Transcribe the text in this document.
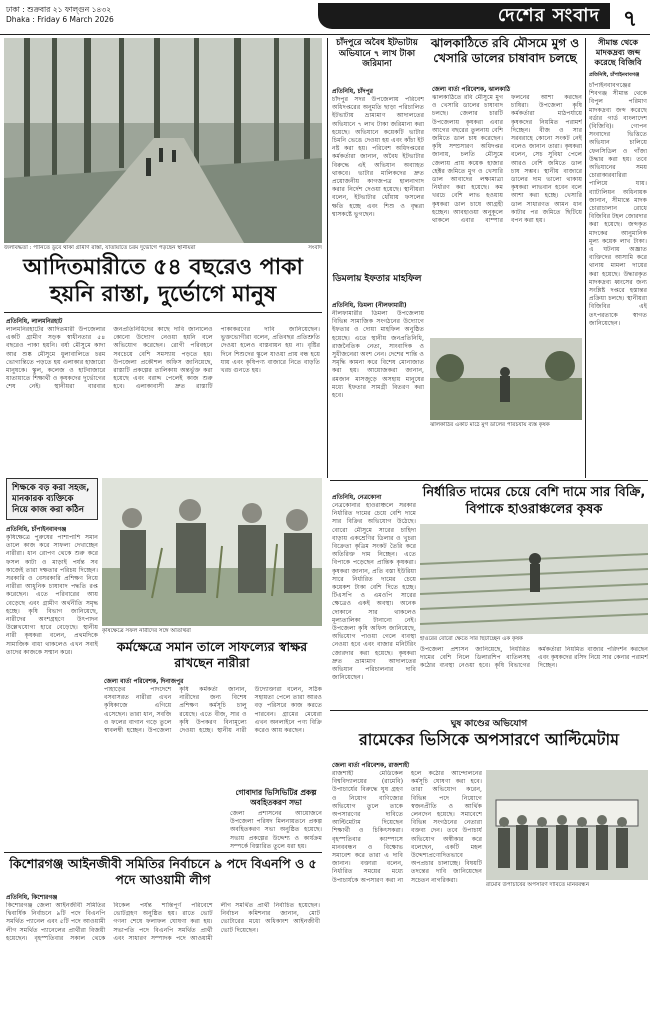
ঢাকা : শুক্রবার ২১ ফাল্গুন ১৪৩২
Dhaka : Friday 6 March 2026	দেশের সংবাদ	৭
জলাবদ্ধতা : পানিতে ডুবে থাকা গ্রামীণ রাস্তা, যাতায়াতে চরম দুর্ভোগে পড়ছেন স্থানীয়রা	সংবাদ
আদিতমারীতে ৫৪ বছরেও পাকা হয়নি রাস্তা, দুর্ভোগে মানুষ
প্রতিনিধি, লালমনিরহাট
লালমনিরহাটের আদিতমারী উপজেলার একটি গ্রামীণ সড়ক স্বাধীনতার ৫৪ বছরেও পাকা হয়নি। বর্ষা মৌসুমে কাদা আর শুষ্ক মৌসুমে ধুলাবালিতে চরম ভোগান্তিতে পড়তে হয় এলাকার হাজারো মানুষকে। স্কুল, কলেজ ও হাটবাজারে যাতায়াতে শিক্ষার্থী ও কৃষকদের দুর্ভোগের শেষ নেই। স্থানীয়রা বারবার জনপ্রতিনিধিদের কাছে দাবি জানালেও কোনো উদ্যোগ নেওয়া হয়নি বলে অভিযোগ করেছেন। রোগী পরিবহনে সবচেয়ে বেশি সমস্যায় পড়তে হয়। উপজেলা প্রকৌশল অফিস জানিয়েছে, রাস্তাটি প্রকল্পের তালিকায় অন্তর্ভুক্ত করা হয়েছে এবং বরাদ্দ পেলেই কাজ শুরু হবে। এলাকাবাসী দ্রুত রাস্তাটি পাকাকরণের দাবি জানিয়েছেন। ভুক্তভোগীরা বলেন, প্রতিবছর প্রতিশ্রুতি দেওয়া হলেও বাস্তবায়ন হয় না। বৃষ্টির দিনে শিশুদের স্কুলে যাওয়া প্রায় বন্ধ হয়ে যায় এবং কৃষিপণ্য বাজারে নিতে বাড়তি খরচ গুনতে হয়।
শিক্ষকে বড় করা সহজ, মানকারক ব্যক্তিকে নিয়ে কাজ করা কঠিন
প্রতিনিধি, চাঁপাইনবাবগঞ্জ
কৃষিক্ষেত্রে পুরুষের পাশাপাশি সমান তালে কাজ করে সাফল্য দেখাচ্ছেন নারীরা। ধান রোপণ থেকে শুরু করে ফসল কাটা ও মাড়াই পর্যন্ত সব কাজেই তারা দক্ষতার পরিচয় দিচ্ছেন। সরকারি ও বেসরকারি প্রশিক্ষণ নিয়ে নারীরা আধুনিক চাষাবাদ পদ্ধতি রপ্ত করেছেন। এতে পরিবারের আয় বেড়েছে এবং গ্রামীণ অর্থনীতি সমৃদ্ধ হচ্ছে। কৃষি বিভাগ জানিয়েছে, নারীদের অংশগ্রহণে উৎপাদন উল্লেখযোগ্য হারে বেড়েছে। স্থানীয় নারী কৃষকরা বলেন, প্রথমদিকে সামাজিক বাধা থাকলেও এখন সবাই তাদের কাজকে সম্মান করে।
কৃষিক্ষেত্রে সফল নারীদের সঙ্গে অতিথিরা
কর্মক্ষেত্রে সমান তালে সাফল্যের স্বাক্ষর রাখছেন নারীরা
জেলা বার্তা পরিবেশক, দিনাজপুর
পাহাড়ের পাদদেশে বসবাসরত নারীরা এখন কৃষিকাজে এগিয়ে এসেছেন। তারা ধান, সবজি ও ফলের বাগান গড়ে তুলে স্বাবলম্বী হচ্ছেন। উপজেলা কৃষি কর্মকর্তা জানান, নারীদের জন্য বিশেষ প্রশিক্ষণ কর্মসূচি চালু রয়েছে। এতে বীজ, সার ও কৃষি উপকরণ বিনামূল্যে দেওয়া হচ্ছে। স্থানীয় নারী উদ্যোক্তারা বলেন, সঠিক সহায়তা পেলে তারা আরও বড় পরিসরে কাজ করতে পারবেন। গ্রামের মেয়েরা এখন অনলাইনে পণ্য বিক্রি করেও আয় করছেন।
গোবাদার ভিসিভিটির প্রকল্প অবহিতকরণ সভা
জেলা প্রশাসনের আয়োজনে উপজেলা পরিষদ মিলনায়তনে প্রকল্প অবহিতকরণ সভা অনুষ্ঠিত হয়েছে। সভায় প্রকল্পের উদ্দেশ্য ও কার্যক্রম সম্পর্কে বিস্তারিত তুলে ধরা হয়।
কিশোরগঞ্জ আইনজীবী সমিতির নির্বাচনে ৯ পদে বিএনপি ও ৫ পদে আওয়ামী লীগ
প্রতিনিধি, কিশোরগঞ্জ
কিশোরগঞ্জ জেলা আইনজীবী সমিতির দ্বিবার্ষিক নির্বাচনে ৯টি পদে বিএনপি সমর্থিত প্যানেল এবং ৫টি পদে আওয়ামী লীগ সমর্থিত প্যানেলের প্রার্থীরা বিজয়ী হয়েছেন। বৃহস্পতিবার সকাল থেকে বিকেল পর্যন্ত শান্তিপূর্ণ পরিবেশে ভোটগ্রহণ অনুষ্ঠিত হয়। রাতে ভোট গণনা শেষে ফলাফল ঘোষণা করা হয়। সভাপতি পদে বিএনপি সমর্থিত প্রার্থী এবং সাধারণ সম্পাদক পদে আওয়ামী লীগ সমর্থিত প্রার্থী নির্বাচিত হয়েছেন। নির্বাচন কমিশনার জানান, মোট ভোটারের মধ্যে অধিকাংশ আইনজীবী ভোট দিয়েছেন।
চাঁদপুরে অবৈধ ইটভাটায় অভিযানে ৭ লাখ টাকা জরিমানা
প্রতিনিধি, চাঁদপুর
চাঁদপুর সদর উপজেলায় পরিবেশ অধিদপ্তরের অনুমতি ছাড়া পরিচালিত ইটভাটায় ভ্রাম্যমাণ আদালতের অভিযানে ৭ লাখ টাকা জরিমানা করা হয়েছে। অভিযানে কয়েকটি ভাটার চিমনি ভেঙে দেওয়া হয় এবং কাঁচা ইট নষ্ট করা হয়। পরিবেশ অধিদপ্তরের কর্মকর্তারা জানান, অবৈধ ইটভাটার বিরুদ্ধে এই অভিযান অব্যাহত থাকবে। ভাটার মালিকদের দ্রুত প্রয়োজনীয় কাগজপত্র হালনাগাদ করার নির্দেশ দেওয়া হয়েছে। স্থানীয়রা বলেন, ইটভাটার ধোঁয়ায় ফসলের ক্ষতি হচ্ছে এবং শিশু ও বৃদ্ধরা শ্বাসকষ্টে ভুগছেন।
ডিমলায় ইফতার মাহফিল
প্রতিনিধি, ডিমলা (নীলফামারী)
নীলফামারীর ডিমলা উপজেলায় বিভিন্ন সামাজিক সংগঠনের উদ্যোগে ইফতার ও দোয়া মাহফিল অনুষ্ঠিত হয়েছে। এতে স্থানীয় জনপ্রতিনিধি, রাজনৈতিক নেতা, সাংবাদিক ও সুধীজনেরা অংশ নেন। দেশের শান্তি ও সমৃদ্ধি কামনা করে বিশেষ মোনাজাত করা হয়। আয়োজকরা জানান, রমজান মাসজুড়ে অসহায় মানুষের মধ্যে ইফতার সামগ্রী বিতরণ করা হবে।
ঝালকাঠিতে রবি মৌসমে মুগ ও খেসারি ডালের চাষাবাদ চলছে
জেলা বার্তা পরিবেশক, ঝালকাঠি
ঝালকাঠিতে রবি মৌসুমে মুগ ও খেসারি ডালের চাষাবাদ চলছে। জেলার চারটি উপজেলায় কৃষকরা এবার আগের বছরের তুলনায় বেশি জমিতে ডাল চাষ করেছেন। কৃষি সম্প্রসারণ অধিদপ্তর জানায়, চলতি মৌসুমে জেলায় প্রায় কয়েক হাজার হেক্টর জমিতে মুগ ও খেসারি ডাল আবাদের লক্ষ্যমাত্রা নির্ধারণ করা হয়েছে। কম খরচে বেশি লাভ হওয়ায় কৃষকরা ডাল চাষে আগ্রহী হচ্ছেন। আবহাওয়া অনুকূলে থাকলে এবার বাম্পার ফলনের আশা করছেন চাষিরা। উপজেলা কৃষি কর্মকর্তারা মাঠপর্যায়ে কৃষকদের নিয়মিত পরামর্শ দিচ্ছেন। বীজ ও সার সরবরাহে কোনো সংকট নেই বলেও জানান তারা। কৃষকরা বলেন, সেচ সুবিধা পেলে আরও বেশি জমিতে ডাল চাষ সম্ভব। স্থানীয় বাজারে ডালের দাম ভালো থাকায় কৃষকরা লাভবান হবেন বলে আশা করা হচ্ছে। খেসারি ডাল সাধারণত আমন ধান কাটার পর জমিতে ছিটিয়ে বপন করা হয়।
ঝালকাঠির একটি মাঠে মুগ ডালের পরিচর্যায় ব্যস্ত কৃষক
সীমান্ত থেকে মাদকদ্রব্য জব্দ করেছে বিজিবি
প্রতিনিধি, চাঁপাইনবাবগঞ্জ
চাঁপাইনবাবগঞ্জের শিবগঞ্জ সীমান্ত থেকে বিপুল পরিমাণ মাদকদ্রব্য জব্দ করেছে বর্ডার গার্ড বাংলাদেশ (বিজিবি)। গোপন সংবাদের ভিত্তিতে অভিযান চালিয়ে ফেনসিডিল ও গাঁজা উদ্ধার করা হয়। তবে অভিযানের সময় চোরাকারবারিরা পালিয়ে যায়। ব্যাটালিয়ন অধিনায়ক জানান, সীমান্তে মাদক চোরাচালান রোধে বিজিবির টহল জোরদার করা হয়েছে। জব্দকৃত মাদকের আনুমানিক মূল্য কয়েক লাখ টাকা। এ ঘটনায় অজ্ঞাত ব্যক্তিদের আসামি করে থানায় মামলা দায়ের করা হয়েছে। উদ্ধারকৃত মাদকদ্রব্য ধ্বংসের জন্য সংশ্লিষ্ট দপ্তরে হস্তান্তর প্রক্রিয়া চলছে। স্থানীয়রা বিজিবির এই তৎপরতাকে স্বাগত জানিয়েছেন।
নির্ধারিত দামের চেয়ে বেশি দামে সার বিক্রি, বিপাকে হাওরাঞ্চলের কৃষক
প্রতিনিধি, নেত্রকোনা
নেত্রকোনার হাওরাঞ্চলে সরকার নির্ধারিত দামের চেয়ে বেশি দামে সার বিক্রির অভিযোগ উঠেছে। বোরো মৌসুমে সারের চাহিদা বাড়ায় একশ্রেণির ডিলার ও খুচরা বিক্রেতা কৃত্রিম সংকট তৈরি করে অতিরিক্ত দাম নিচ্ছেন। এতে বিপাকে পড়েছেন প্রান্তিক কৃষকরা। কৃষকরা জানান, প্রতি বস্তা ইউরিয়া সারে নির্ধারিত দামের চেয়ে কয়েকশ টাকা বেশি দিতে হচ্ছে। টিএসপি ও এমওপি সারের ক্ষেত্রেও একই অবস্থা। অনেক দোকানে সার থাকলেও মূল্যতালিকা টানানো নেই। উপজেলা কৃষি অফিস জানিয়েছে, অভিযোগ পাওয়া গেলে ব্যবস্থা নেওয়া হবে এবং বাজার মনিটরিং জোরদার করা হয়েছে। কৃষকরা দ্রুত ভ্রাম্যমাণ আদালতের অভিযান পরিচালনার দাবি জানিয়েছেন।
হাওরের বোরো ক্ষেতে সার ছিটাচ্ছেন এক কৃষক
উপজেলা প্রশাসন জানিয়েছে, নির্ধারিত দামের বেশি নিলে ডিলারশিপ বাতিলসহ কঠোর ব্যবস্থা নেওয়া হবে। কৃষি বিভাগের কর্মকর্তারা নিয়মিত বাজার পরিদর্শন করছেন এবং কৃষকদের রসিদ নিয়ে সার কেনার পরামর্শ দিচ্ছেন।
ঘুষ কাণ্ডের অভিযোগ
রামেকের ভিসিকে অপসারণে আল্টিমেটাম
জেলা বার্তা পরিবেশক, রাজশাহী
রাজশাহী মেডিকেল বিশ্ববিদ্যালয়ের (রামেবি) উপাচার্যের বিরুদ্ধে ঘুষ গ্রহণ ও নিয়োগ বাণিজ্যের অভিযোগ তুলে তাকে অপসারণের দাবিতে আল্টিমেটাম দিয়েছেন শিক্ষার্থী ও চিকিৎসকরা। বৃহস্পতিবার ক্যাম্পাসে মানববন্ধন ও বিক্ষোভ সমাবেশ করে তারা এ দাবি জানান। বক্তারা বলেন, নির্ধারিত সময়ের মধ্যে উপাচার্যকে অপসারণ করা না হলে কঠোর আন্দোলনের কর্মসূচি ঘোষণা করা হবে। তারা অভিযোগ করেন, বিভিন্ন পদে নিয়োগে স্বজনপ্রীতি ও আর্থিক লেনদেন হয়েছে। সমাবেশে বিভিন্ন সংগঠনের নেতারা বক্তব্য দেন। তবে উপাচার্য অভিযোগ অস্বীকার করে বলেছেন, একটি মহল উদ্দেশ্যপ্রণোদিতভাবে অপপ্রচার চালাচ্ছে। বিষয়টি তদন্তের দাবি জানিয়েছেন সচেতন নাগরিকরা।
রামেবি উপাচার্যের অপসারণ দাবিতে মানববন্ধন
